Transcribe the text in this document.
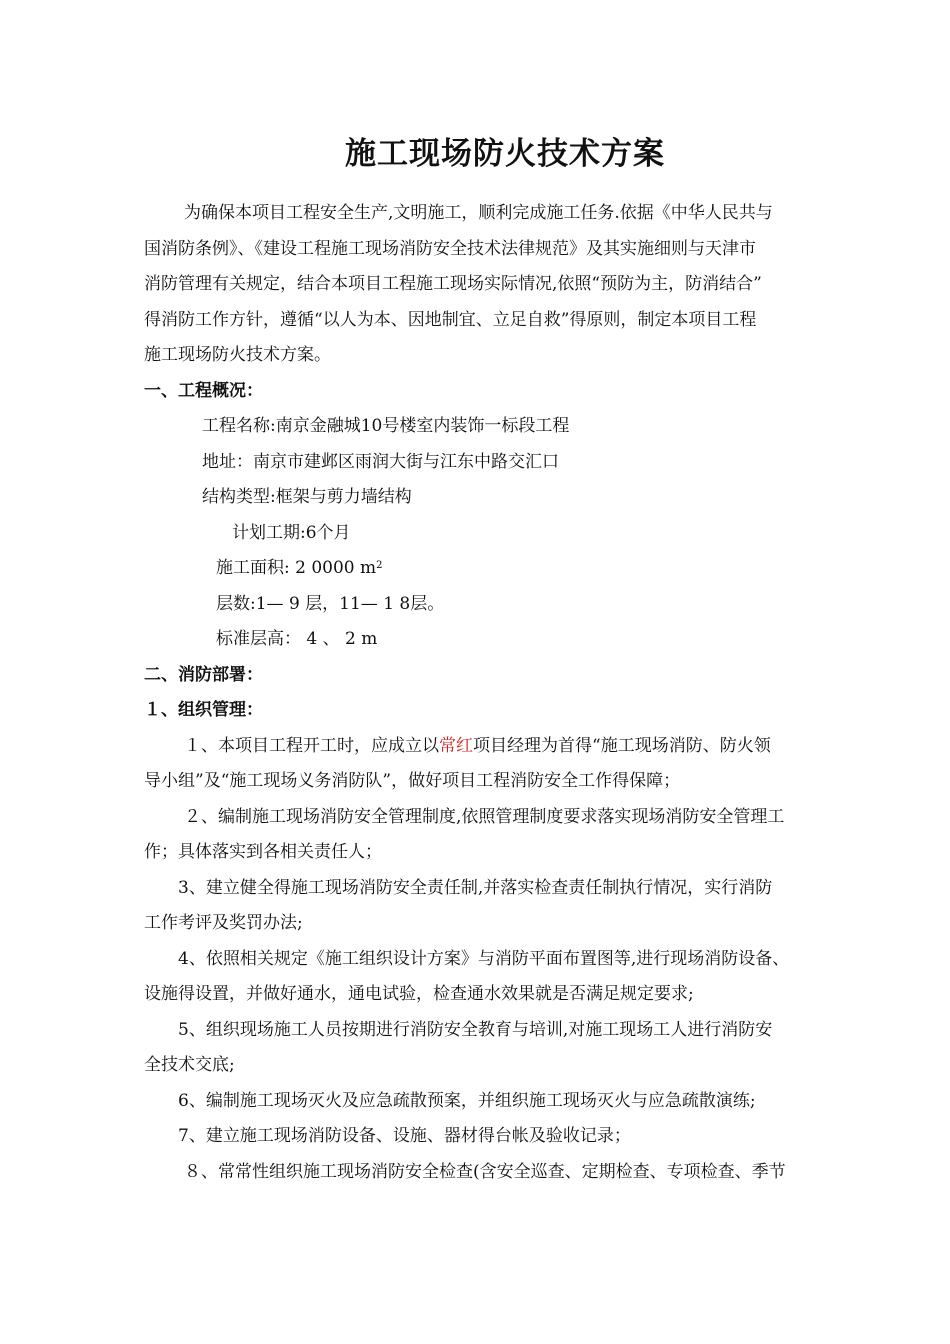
施工现场防火技术方案

为确保本项目工程安全生产,文明施工，顺利完成施工任务.依据《中华人民共与

国消防条例》、《建设工程施工现场消防安全技术法律规范》及其实施细则与天津市

消防管理有关规定，结合本项目工程施工现场实际情况,依照“预防为主，防消结合”

得消防工作方针，遵循“以人为本、因地制宜、立足自救”得原则，制定本项目工程

施工现场防火技术方案。

一、工程概况：

工程名称:南京金融城10号楼室内装饰一标段工程

地址：南京市建邺区雨润大街与江东中路交汇口

结构类型:框架与剪力墙结构

计划工期:6个月

施工面积: 2 0000 $m^2$

层数:1— 9 层，11— 1 8层。

标准层高： 4 、 2 m

二、消防部署：

１、组织管理：

１、本项目工程开工时，应成立以常红项目经理为首得“施工现场消防、防火领

导小组”及“施工现场义务消防队”，做好项目工程消防安全工作得保障；

２、编制施工现场消防安全管理制度,依照管理制度要求落实现场消防安全管理工

作；具体落实到各相关责任人；

3、建立健全得施工现场消防安全责任制,并落实检查责任制执行情况，实行消防

工作考评及奖罚办法;

4、依照相关规定《施工组织设计方案》与消防平面布置图等,进行现场消防设备、

设施得设置，并做好通水，通电试验，检查通水效果就是否满足规定要求;

5、组织现场施工人员按期进行消防安全教育与培训,对施工现场工人进行消防安

全技术交底;

6、编制施工现场灭火及应急疏散预案，并组织施工现场灭火与应急疏散演练;

7、建立施工现场消防设备、设施、器材得台帐及验收记录；

８、常常性组织施工现场消防安全检查(含安全巡查、定期检查、专项检查、季节
